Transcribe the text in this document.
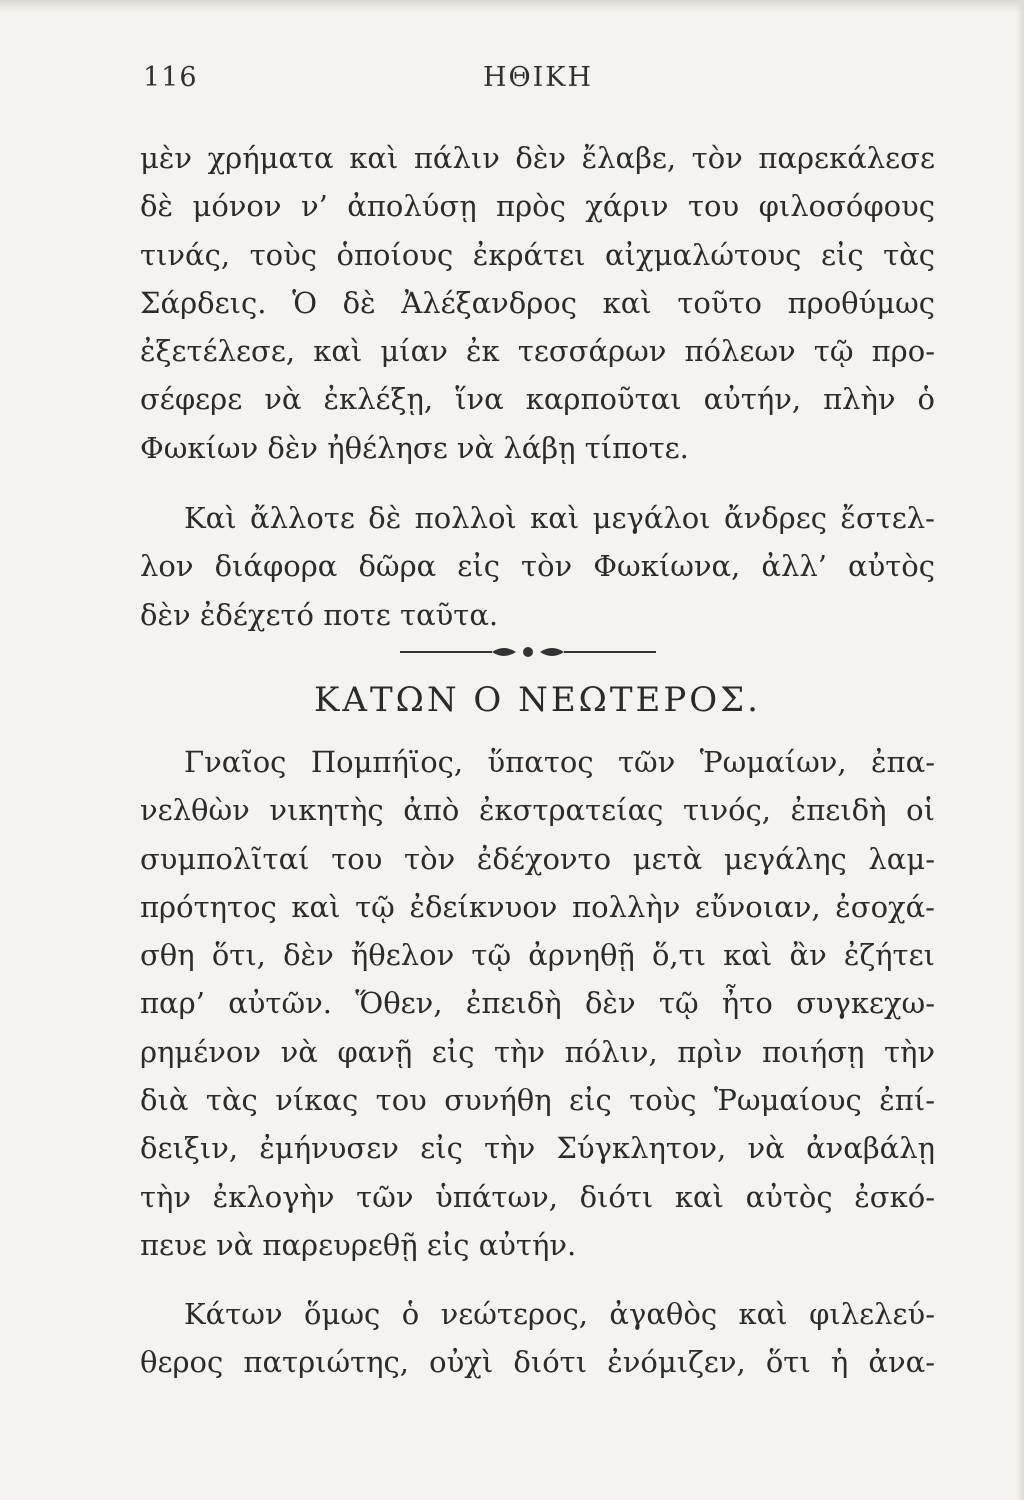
116	ΗΘΙΚΗ
μὲν χρήματα καὶ πάλιν δὲν ἔλαβε, τὸν παρεκάλεσε
δὲ μόνον ν’ ἀπολύσῃ πρὸς χάριν του φιλοσόφους
τινάς, τοὺς ὁποίους ἐκράτει αἰχμαλώτους εἰς τὰς
Σάρδεις. Ὁ δὲ Ἀλέξανδρος καὶ τοῦτο προθύμως
ἐξετέλεσε, καὶ μίαν ἐκ τεσσάρων πόλεων τῷ προ-
σέφερε νὰ ἐκλέξῃ, ἵνα καρποῦται αὐτήν, πλὴν ὁ
Φωκίων δὲν ἠθέλησε νὰ λάβῃ τίποτε.
Καὶ ἄλλοτε δὲ πολλοὶ καὶ μεγάλοι ἄνδρες ἔστελ-
λον διάφορα δῶρα εἰς τὸν Φωκίωνα, ἀλλ’ αὐτὸς
δὲν ἐδέχετό ποτε ταῦτα.
ΚΑΤΩΝ Ο ΝΕΩΤΕΡΟΣ.
Γναῖος Πομπήϊος, ὕπατος τῶν Ῥωμαίων, ἐπα-
νελθὼν νικητὴς ἀπὸ ἐκστρατείας τινός, ἐπειδὴ οἱ
συμπολῖταί του τὸν ἐδέχοντο μετὰ μεγάλης λαμ-
πρότητος καὶ τῷ ἐδείκνυον πολλὴν εὔνοιαν, ἐσοχά-
σθη ὅτι, δὲν ἤθελον τῷ ἀρνηθῇ ὅ,τι καὶ ἂν ἐζήτει
παρ’ αὐτῶν. Ὅθεν, ἐπειδὴ δὲν τῷ ἦτο συγκεχω-
ρημένον νὰ φανῇ εἰς τὴν πόλιν, πρὶν ποιήσῃ τὴν
διὰ τὰς νίκας του συνήθη εἰς τοὺς Ῥωμαίους ἐπί-
δειξιν, ἐμήνυσεν εἰς τὴν Σύγκλητον, νὰ ἀναβάλῃ
τὴν ἐκλογὴν τῶν ὑπάτων, διότι καὶ αὐτὸς ἐσκό-
πευε νὰ παρευρεθῇ εἰς αὐτήν.
Κάτων ὅμως ὁ νεώτερος, ἀγαθὸς καὶ φιλελεύ-
θερος πατριώτης, οὐχὶ διότι ἐνόμιζεν, ὅτι ἡ ἀνα-
